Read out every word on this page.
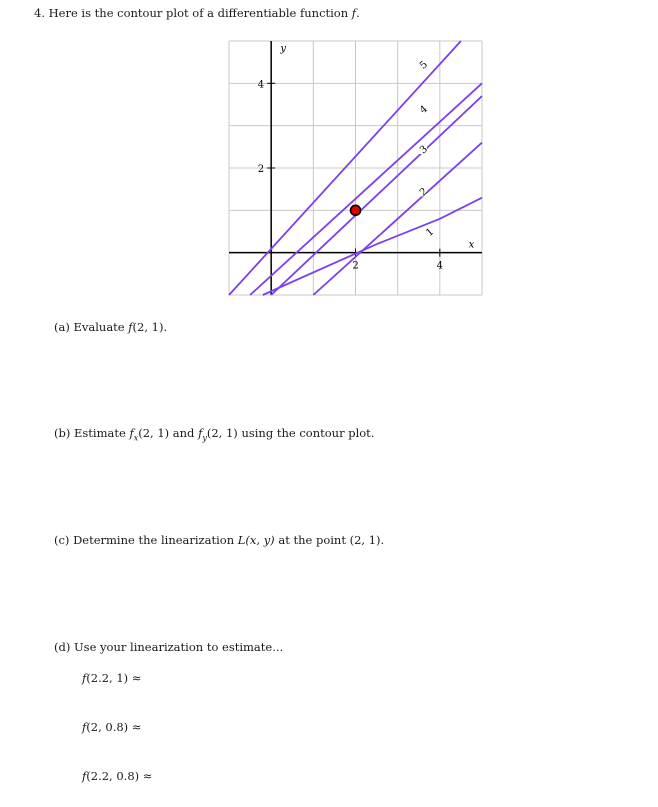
4. Here is the contour plot of a differentiable function f.
2	4
2
4
x
y
1
2
3
4
5
(a) Evaluate f(2, 1).
(b) Estimate $f_x(2$, 1) and $f_y(2$, 1) using the contour plot.
(c) Determine the linearization L(x, y) at the point (2, 1).
(d) Use your linearization to estimate...
f(2.2, 1) ≈
f(2, 0.8) ≈
f(2.2, 0.8) ≈
